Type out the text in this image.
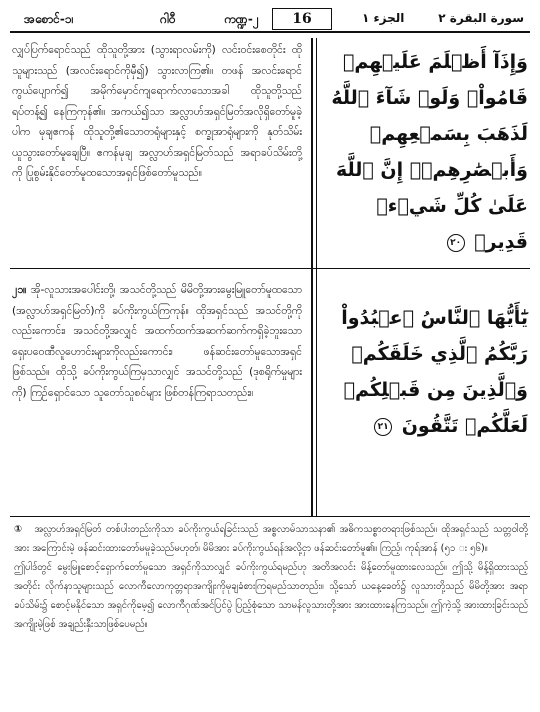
အစောင်-၁၊	ဂါဝီ	ကဏ္ဍ-၂	16	الجزء ١	سورة البقرة ٢

လျှပ်ပြက်ရောင်သည် ထိုသူတို့အား (သွားရာလမ်းကို) လင်းဝင်းစေတိုင်း ထိုသူများသည် (အလင်းရောင်ကိုမှီ၍) သွားလာကြ၏။ တဖန် အလင်းရောင်ကွယ်ပျောက်၍ အမိုက်မှောင်ကျရောက်လာသောအခါ ထိုသူတို့သည် ရပ်တန့်၍ နေကြကုန်၏။ အကယ်၍သာ အလ္လာဟ်အရှင်မြတ်အလိုရှိတော်မူခဲ့ပါက မုချဧကန် ထိုသူတို့၏သောတရုံများနှင့် စက္ခုအာရုံများကို နုတ်သိမ်းယူသွားတော်မူချေပြီ။ ဧကန်မုချ အလ္လာဟ်အရှင်မြတ်သည် အရာခပ်သိမ်းတို့ကို ပြုစွမ်းနိုင်တော်မူထသောအရှင်ဖြစ်တော်မူသည်။

وَإِذَآ أَظۡلَمَ عَلَيۡهِمۡ قَامُواْۚ وَلَوۡ شَآءَ ٱللَّهُ لَذَهَبَ بِسَمۡعِهِمۡ وَأَبۡصَٰرِهِمۡۚ إِنَّ ٱللَّهَ عَلَىٰ كُلِّ شَيۡءٖ قَدِيرٞ ٢٠

၂၁။ အို-လူသားအပေါင်းတို့၊ အသင်တို့သည် မိမိတို့အားမွေးမြူတော်မူထသော (အလ္လာဟ်အရှင်မြတ်)ကို ခပ်ကိုးကွယ်ကြကုန်။ ထိုအရှင်သည် အသင်တို့ကိုလည်းကောင်း၊ အသင်တို့အလျှင် အထက်ထက်အဆက်ဆက်ကရှိခဲ့ဘူးသော ရှေးပဝေဏီလူဟောင်းများကိုလည်းကောင်း၊ ဖန်ဆင်းတော်မူသောအရှင်ဖြစ်သည်။ ထိုသို့ ခပ်ကိုးကွယ်ကြမှသာလျှင် အသင်တို့သည် (ဒုစရိုက်မှုများကို) ကြဉ်ရှောင်သော သူတော်သူစင်များ ဖြစ်တန်ကြရာသတည်း။

يَٰٓأَيُّهَا ٱلنَّاسُ ٱعۡبُدُواْ رَبَّكُمُ ٱلَّذِي خَلَقَكُمۡ وَٱلَّذِينَ مِن قَبۡلِكُمۡ لَعَلَّكُمۡ تَتَّقُونَ ٢١

① အလ္လာဟ်အရှင်မြတ် တစ်ပါးတည်းကိုသာ ခပ်ကိုးကွယ်ရခြင်းသည် အစ္စလာမ်သာသနာ၏ အဓိကသစ္စာတရားဖြစ်သည်။ ထိုအရှင်သည် သတ္တဝါတို့အား အကြောင်းမဲ့ ဖန်ဆင်းထားတော်မမူခဲ့သည်မဟုတ်၊ မိမိအား ခပ်ကိုးကွယ်ရန်အလို့ငှာ ဖန်ဆင်းတော်မူ၏။ ကြည့်၊ ကုရ်အာန် (၅၁ း ၅၆)။

ဤပါဒ်တွင် မွေးမြူစောင့်ရှောက်တော်မူသော အရှင်ကိုသာလျှင် ခပ်ကိုးကွယ်ရမည်ဟု အတိအလင်း မိန့်တော်မူထားလေသည်။ ဤသို့ မိန့်ရှိထားသည့်အတိုင်း လိုက်နာသူများသည် လောကီလောကုတ္တရာအကျိုးကိုမုချခံစားကြရမည်သာတည်း။ သို့သော် ယနေ့ခေတ်၌ လူသားတို့သည် မိမိတို့အား အရာခပ်သိမ်း၌ စောင့်မနိုင်သော အရှင်ကိုမေ့၍ လောကီဂုဏ်အင်ပြင်ပွဲ ပြည့်စုံသော သာမန်လူသားတို့အား အားထားနေကြသည်။ ဤကဲ့သို့ အားထားခြင်းသည် အကျိုးမဲ့ဖြစ် အချည်းနှီးသာဖြစ်ပေမည်။
